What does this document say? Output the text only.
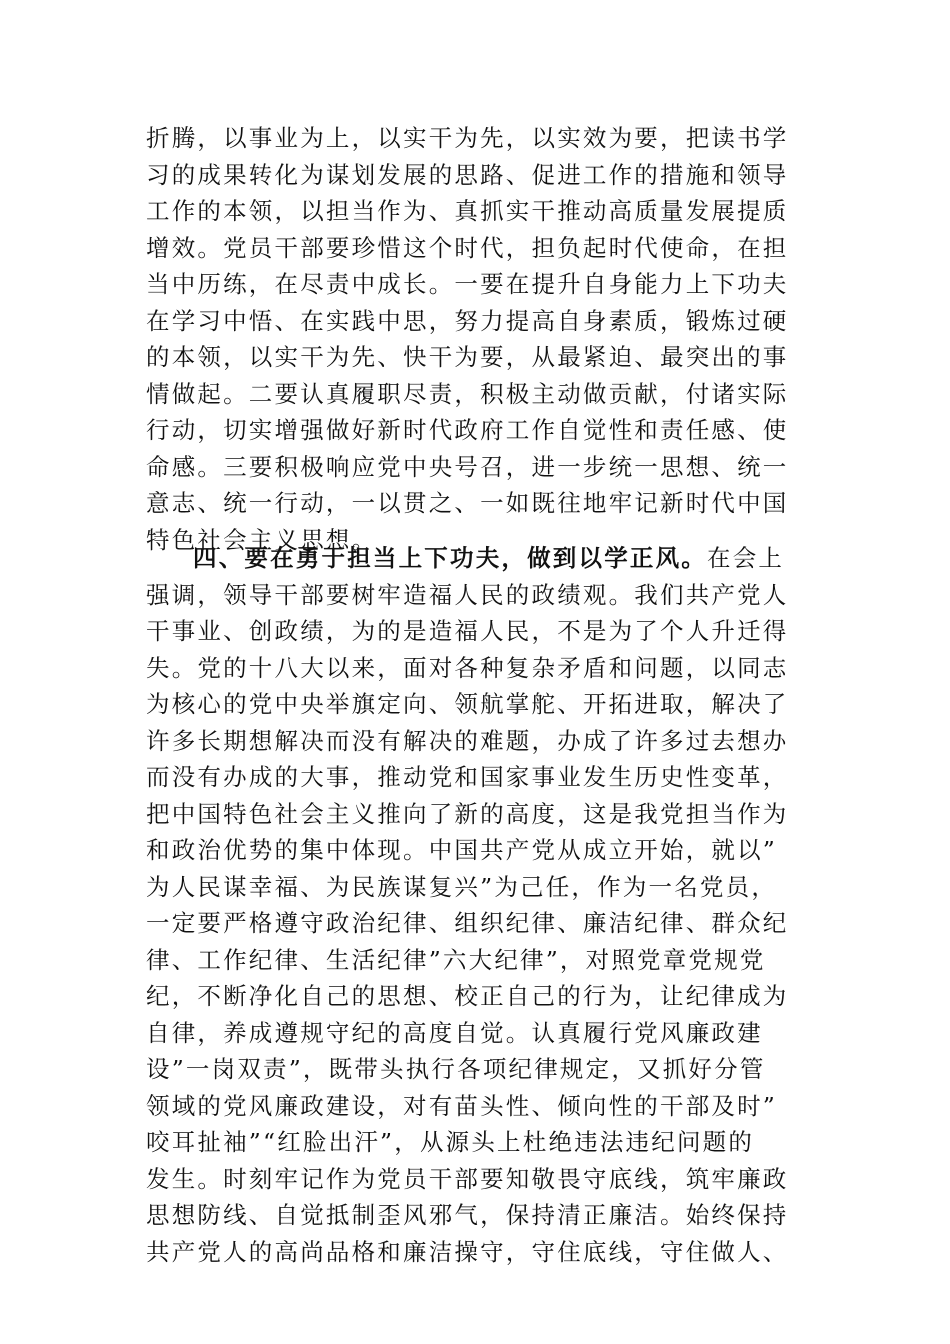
折腾，以事业为上，以实干为先，以实效为要，把读书学
习的成果转化为谋划发展的思路、促进工作的措施和领导
工作的本领，以担当作为、真抓实干推动高质量发展提质
增效。党员干部要珍惜这个时代，担负起时代使命，在担
当中历练，在尽责中成长。一要在提升自身能力上下功夫
在学习中悟、在实践中思，努力提高自身素质，锻炼过硬
的本领，以实干为先、快干为要，从最紧迫、最突出的事
情做起。二要认真履职尽责，积极主动做贡献，付诸实际
行动，切实增强做好新时代政府工作自觉性和责任感、使
命感。三要积极响应党中央号召，进一步统一思想、统一
意志、统一行动，一以贯之、一如既往地牢记新时代中国
特色社会主义思想。
四、要在勇于担当上下功夫，做到以学正风。在会上
强调，领导干部要树牢造福人民的政绩观。我们共产党人
干事业、创政绩，为的是造福人民，不是为了个人升迁得
失。党的十八大以来，面对各种复杂矛盾和问题，以同志
为核心的党中央举旗定向、领航掌舵、开拓进取，解决了
许多长期想解决而没有解决的难题，办成了许多过去想办
而没有办成的大事，推动党和国家事业发生历史性变革，
把中国特色社会主义推向了新的高度，这是我党担当作为
和政治优势的集中体现。中国共产党从成立开始，就以”
为人民谋幸福、为民族谋复兴”为己任，作为一名党员，
一定要严格遵守政治纪律、组织纪律、廉洁纪律、群众纪
律、工作纪律、生活纪律”六大纪律”，对照党章党规党
纪，不断净化自己的思想、校正自己的行为，让纪律成为
自律，养成遵规守纪的高度自觉。认真履行党风廉政建
设”一岗双责”，既带头执行各项纪律规定，又抓好分管
领域的党风廉政建设，对有苗头性、倾向性的干部及时”
咬耳扯袖”“红脸出汗”，从源头上杜绝违法违纪问题的
发生。时刻牢记作为党员干部要知敬畏守底线，筑牢廉政
思想防线、自觉抵制歪风邪气，保持清正廉洁。始终保持
共产党人的高尚品格和廉洁操守，守住底线，守住做人、
